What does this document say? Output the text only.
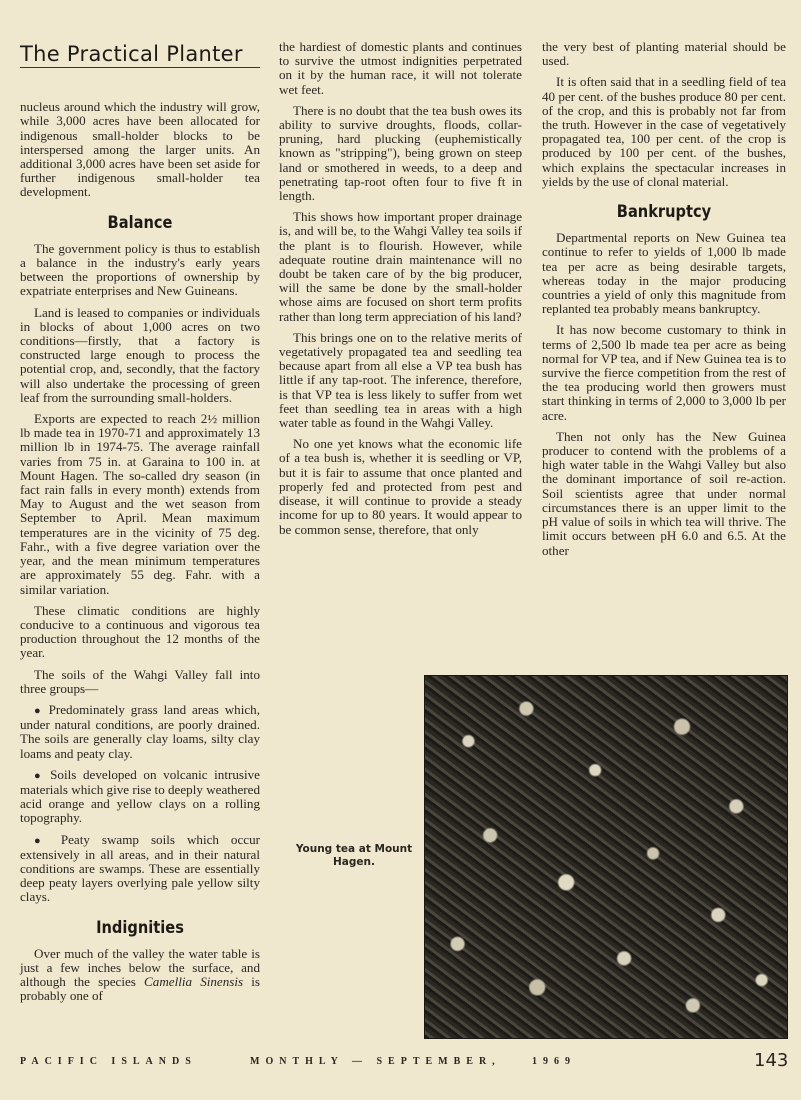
The Practical Planter

nucleus around which the industry will grow, while 3,000 acres have been allocated for indigenous small-holder blocks to be interspersed among the larger units. An additional 3,000 acres have been set aside for further indigenous small-holder tea development.

Balance

The government policy is thus to establish a balance in the industry's early years between the proportions of ownership by expatriate enterprises and New Guineans.

Land is leased to companies or individuals in blocks of about 1,000 acres on two conditions—firstly, that a factory is constructed large enough to process the potential crop, and, secondly, that the factory will also undertake the processing of green leaf from the surrounding small-holders.

Exports are expected to reach 2½ million lb made tea in 1970-71 and approximately 13 million lb in 1974-75. The average rainfall varies from 75 in. at Garaina to 100 in. at Mount Hagen. The so-called dry season (in fact rain falls in every month) extends from May to August and the wet season from September to April. Mean maximum temperatures are in the vicinity of 75 deg. Fahr., with a five degree variation over the year, and the mean minimum temperatures are approximately 55 deg. Fahr. with a similar variation.

These climatic conditions are highly conducive to a continuous and vigorous tea production throughout the 12 months of the year.

The soils of the Wahgi Valley fall into three groups—

● Predominately grass land areas which, under natural conditions, are poorly drained. The soils are generally clay loams, silty clay loams and peaty clay.

● Soils developed on volcanic intrusive materials which give rise to deeply weathered acid orange and yellow clays on a rolling topography.

● Peaty swamp soils which occur extensively in all areas, and in their natural conditions are swamps. These are essentially deep peaty layers overlying pale yellow silty clays.

Indignities

Over much of the valley the water table is just a few inches below the surface, and although the species Camellia Sinensis is probably one of

the hardiest of domestic plants and continues to survive the utmost indignities perpetrated on it by the human race, it will not tolerate wet feet.

There is no doubt that the tea bush owes its ability to survive droughts, floods, collar-pruning, hard plucking (euphemistically known as "stripping"), being grown on steep land or smothered in weeds, to a deep and penetrating tap-root often four to five ft in length.

This shows how important proper drainage is, and will be, to the Wahgi Valley tea soils if the plant is to flourish. However, while adequate routine drain maintenance will no doubt be taken care of by the big producer, will the same be done by the small-holder whose aims are focused on short term profits rather than long term appreciation of his land?

This brings one on to the relative merits of vegetatively propagated tea and seedling tea because apart from all else a VP tea bush has little if any tap-root. The inference, therefore, is that VP tea is less likely to suffer from wet feet than seedling tea in areas with a high water table as found in the Wahgi Valley.

No one yet knows what the economic life of a tea bush is, whether it is seedling or VP, but it is fair to assume that once planted and properly fed and protected from pest and disease, it will continue to provide a steady income for up to 80 years. It would appear to be common sense, therefore, that only

the very best of planting material should be used.

It is often said that in a seedling field of tea 40 per cent. of the bushes produce 80 per cent. of the crop, and this is probably not far from the truth. However in the case of vegetatively propagated tea, 100 per cent. of the crop is produced by 100 per cent. of the bushes, which explains the spectacular increases in yields by the use of clonal material.

Bankruptcy

Departmental reports on New Guinea tea continue to refer to yields of 1,000 lb made tea per acre as being desirable targets, whereas today in the major producing countries a yield of only this magnitude from replanted tea probably means bankruptcy.

It has now become customary to think in terms of 2,500 lb made tea per acre as being normal for VP tea, and if New Guinea tea is to survive the fierce competition from the rest of the tea producing world then growers must start thinking in terms of 2,000 to 3,000 lb per acre.

Then not only has the New Guinea producer to contend with the problems of a high water table in the Wahgi Valley but also the dominant importance of soil re-action. Soil scientists agree that under normal circumstances there is an upper limit to the pH value of soils in which tea will thrive. The limit occurs between pH 6.0 and 6.5. At the other

Young tea at Mount Hagen.
PACIFIC ISLANDS	MONTHLY — SEPTEMBER,	1969	143
